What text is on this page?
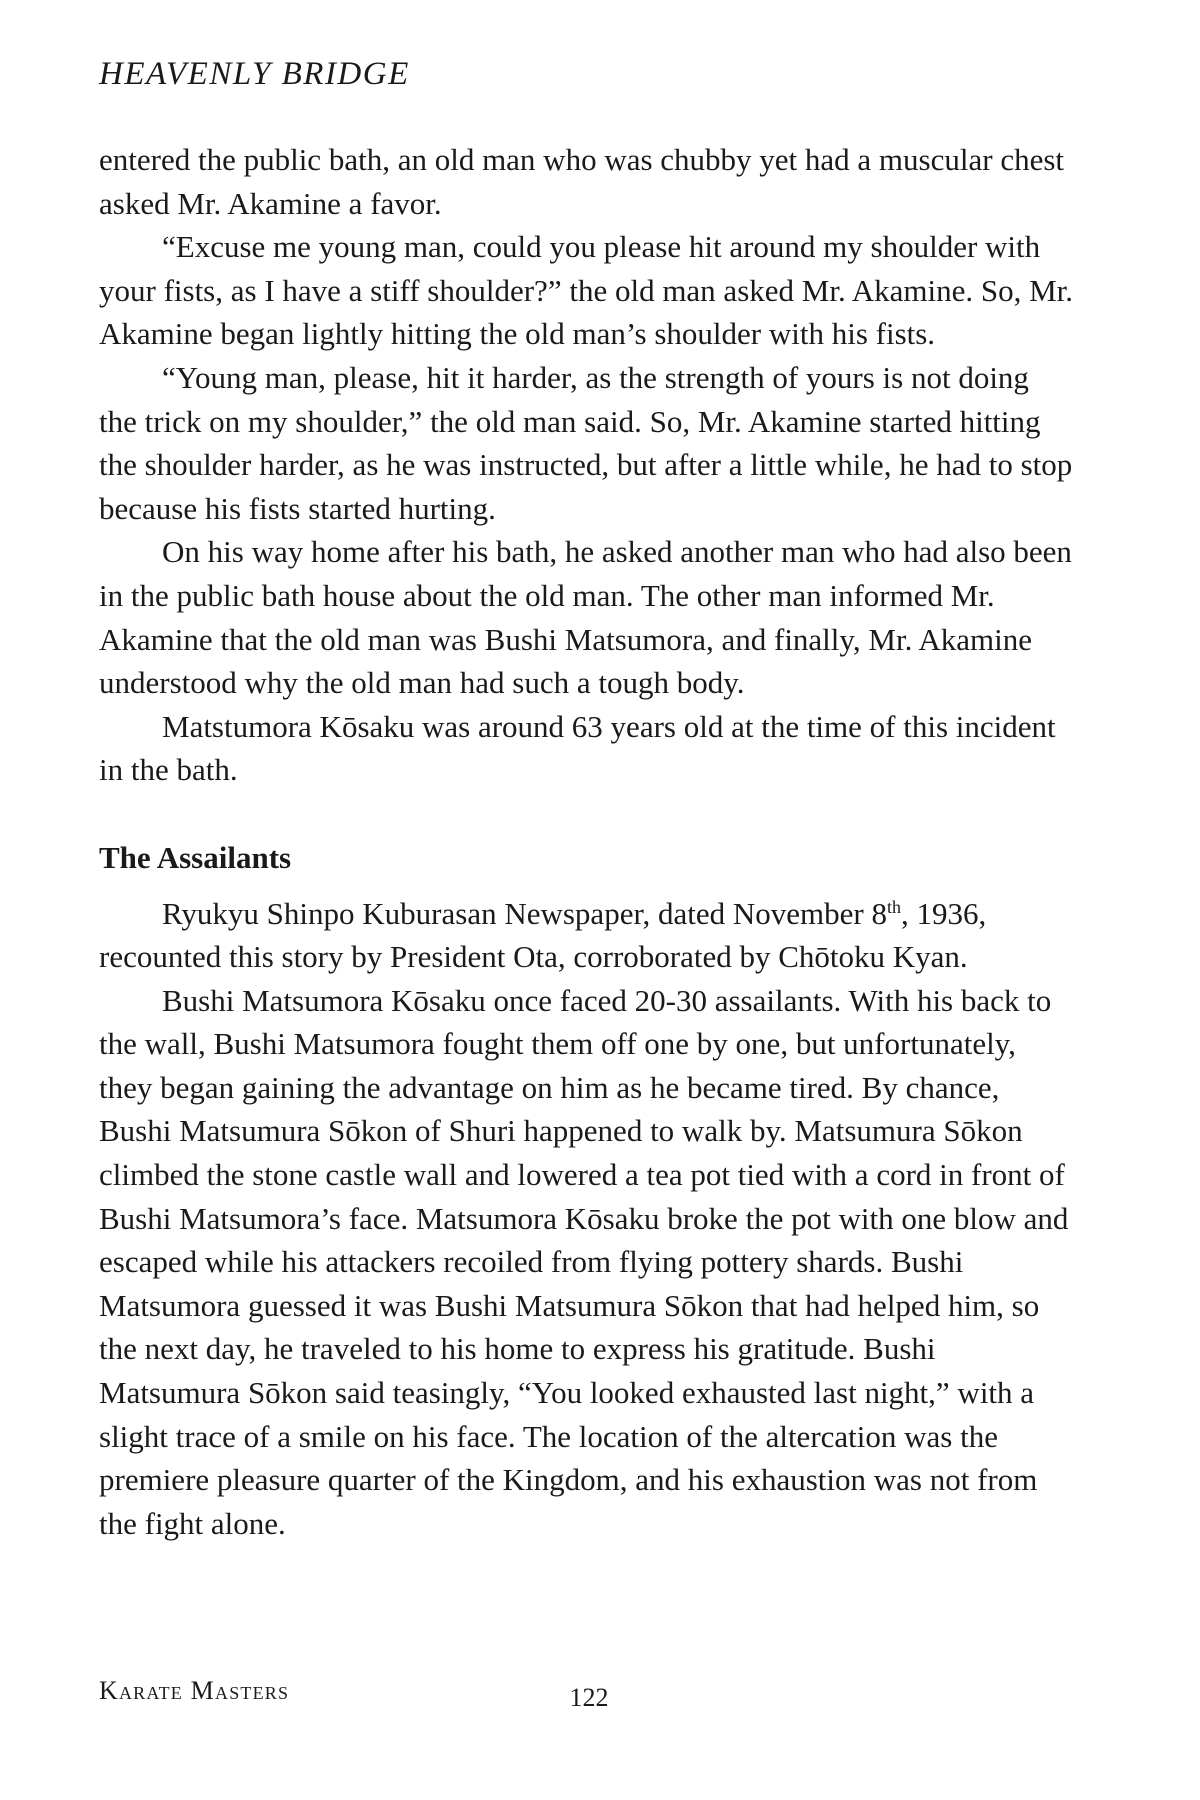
HEAVENLY BRIDGE

entered the public bath, an old man who was chubby yet had a muscular chest asked Mr. Akamine a favor.

“Excuse me young man, could you please hit around my shoulder with your fists, as I have a stiff shoulder?” the old man asked Mr. Akamine. So, Mr. Akamine began lightly hitting the old man’s shoulder with his fists.

“Young man, please, hit it harder, as the strength of yours is not doing the trick on my shoulder,” the old man said. So, Mr. Akamine started hitting the shoulder harder, as he was instructed, but after a little while, he had to stop because his fists started hurting.

On his way home after his bath, he asked another man who had also been in the public bath house about the old man. The other man informed Mr. Akamine that the old man was Bushi Matsumora, and finally, Mr. Akamine understood why the old man had such a tough body.

Matstumora Kōsaku was around 63 years old at the time of this incident in the bath.

The Assailants

Ryukyu Shinpo Kuburasan Newspaper, dated November 8th, 1936, recounted this story by President Ota, corroborated by Chōtoku Kyan.

Bushi Matsumora Kōsaku once faced 20-30 assailants. With his back to the wall, Bushi Matsumora fought them off one by one, but unfortunately, they began gaining the advantage on him as he became tired. By chance, Bushi Matsumura Sōkon of Shuri happened to walk by. Matsumura Sōkon climbed the stone castle wall and lowered a tea pot tied with a cord in front of Bushi Matsumora’s face. Matsumora Kōsaku broke the pot with one blow and escaped while his attackers recoiled from flying pottery shards. Bushi Matsumora guessed it was Bushi Matsumura Sōkon that had helped him, so the next day, he traveled to his home to express his gratitude. Bushi Matsumura Sōkon said teasingly, “You looked exhausted last night,” with a slight trace of a smile on his face. The location of the altercation was the premiere pleasure quarter of the Kingdom, and his exhaustion was not from the fight alone.

Karate Masters	122
